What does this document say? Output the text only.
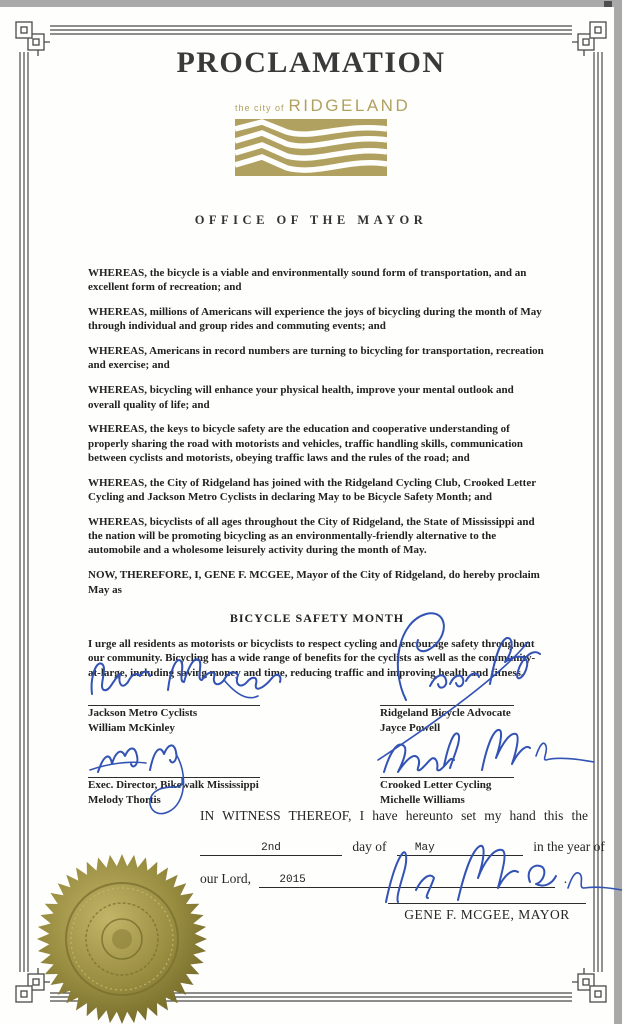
PROCLAMATION
the city of RIDGELAND
OFFICE OF THE MAYOR

WHEREAS, the bicycle is a viable and environmentally sound form of transportation, and an excellent form of recreation; and

WHEREAS, millions of Americans will experience the joys of bicycling during the month of May through individual and group rides and commuting events; and

WHEREAS, Americans in record numbers are turning to bicycling for transportation, recreation and exercise; and

WHEREAS, bicycling will enhance your physical health, improve your mental outlook and overall quality of life; and

WHEREAS, the keys to bicycle safety are the education and cooperative understanding of properly sharing the road with motorists and vehicles, traffic handling skills, communication between cyclists and motorists, obeying traffic laws and the rules of the road; and

WHEREAS, the City of Ridgeland has joined with the Ridgeland Cycling Club, Crooked Letter Cycling and Jackson Metro Cyclists in declaring May to be Bicycle Safety Month; and

WHEREAS, bicyclists of all ages throughout the City of Ridgeland, the State of Mississippi and the nation will be promoting bicycling as an environmentally-friendly alternative to the automobile and a wholesome leisurely activity during the month of May.

NOW, THEREFORE, I, GENE F. MCGEE, Mayor of the City of Ridgeland, do hereby proclaim May as

BICYCLE SAFETY MONTH

I urge all residents as motorists or bicyclists to respect cycling and encourage safety throughout our community. Bicycling has a wide range of benefits for the cyclists as well as the community-at-large, including saving money and time, reducing traffic and improving health and fitness.

Jackson Metro Cyclists
William McKinley
Ridgeland Bicycle Advocate
Jayce Powell
Exec. Director, Bikewalk Mississippi
Melody Thortis
Crooked Letter Cycling
Michelle Williams
IN WITNESS THEREOF, I have hereunto set my hand this the
2nd	day of	May	in the year of
our Lord,	2015	.
GENE F. MCGEE, MAYOR
